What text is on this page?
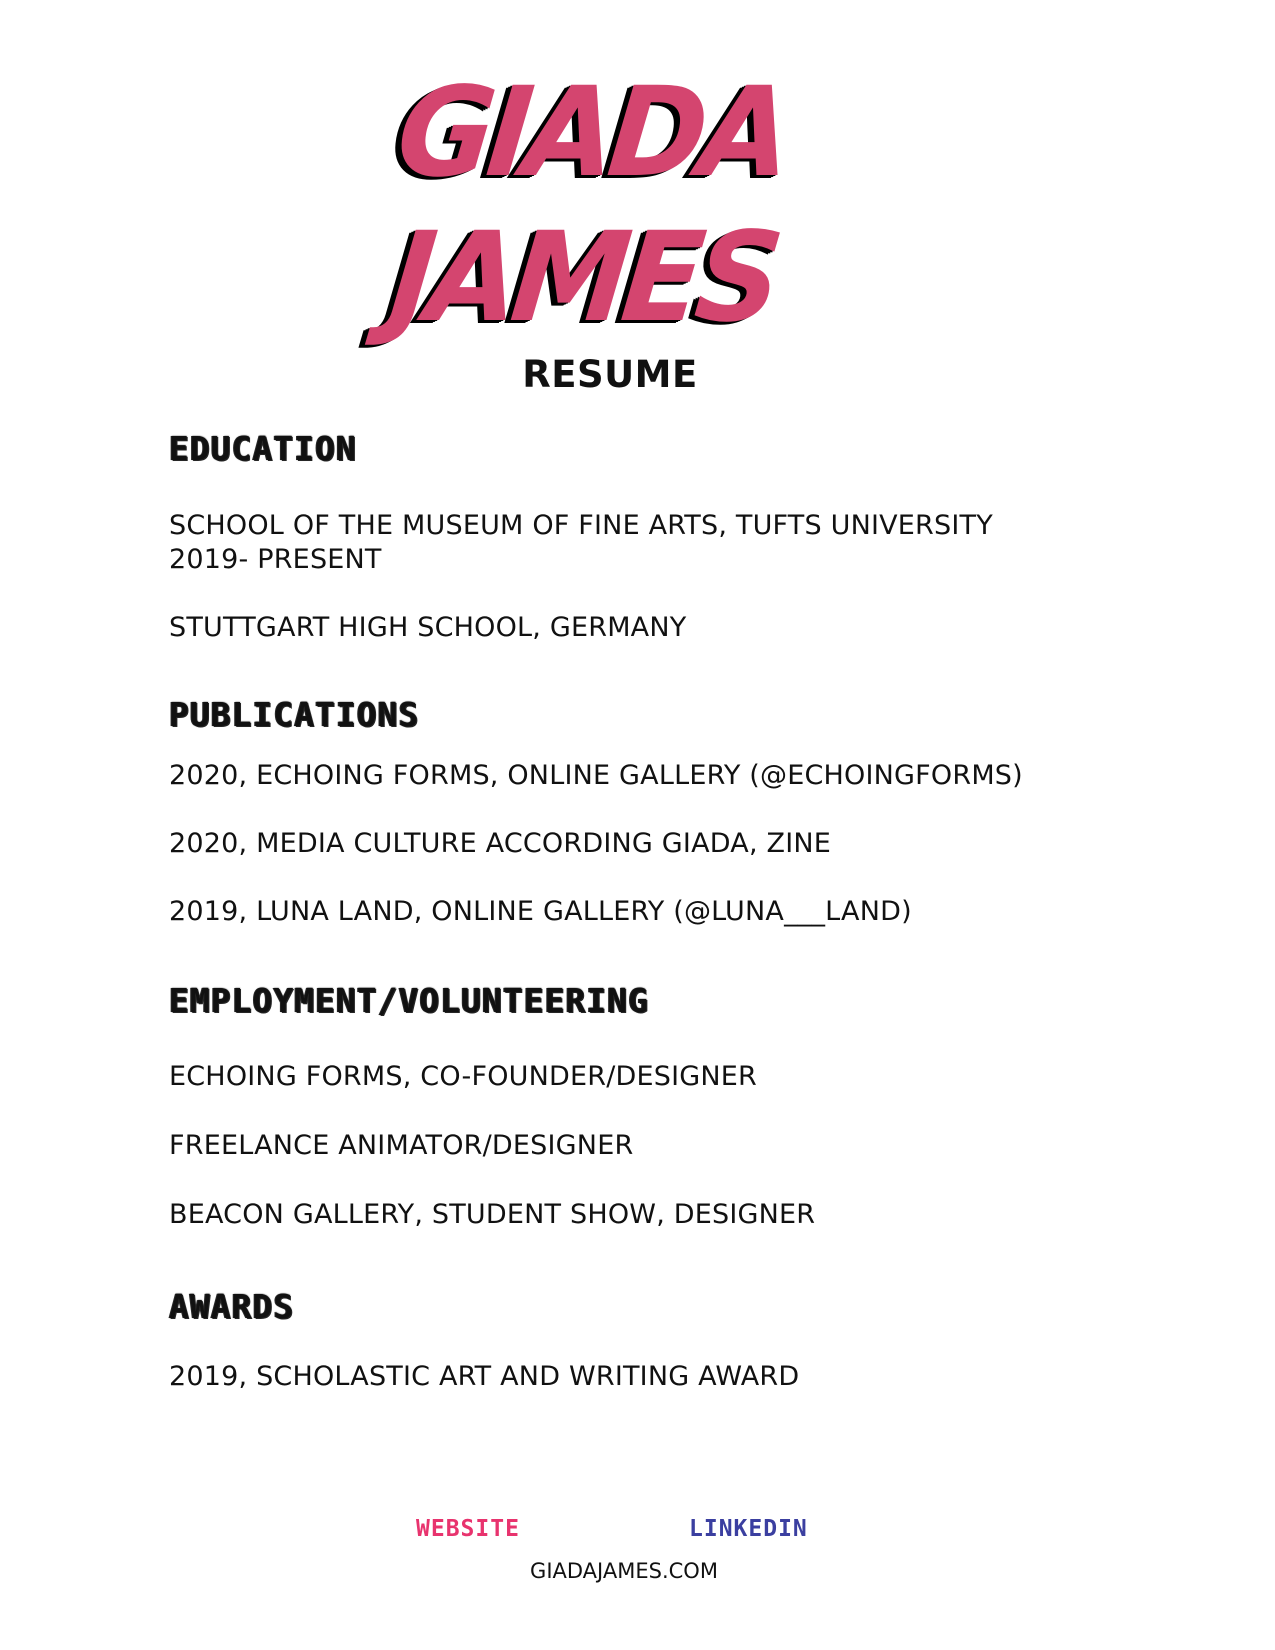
GIADA
JAMES
RESUME
EDUCATION
SCHOOL OF THE MUSEUM OF FINE ARTS, TUFTS UNIVERSITY
2019- PRESENT
STUTTGART HIGH SCHOOL, GERMANY
PUBLICATIONS
2020, ECHOING FORMS, ONLINE GALLERY (@ECHOINGFORMS)
2020, MEDIA CULTURE ACCORDING GIADA, ZINE
2019, LUNA LAND, ONLINE GALLERY (@LUNA___LAND)
EMPLOYMENT/VOLUNTEERING
ECHOING FORMS, CO-FOUNDER/DESIGNER
FREELANCE ANIMATOR/DESIGNER
BEACON GALLERY, STUDENT SHOW, DESIGNER
AWARDS
2019, SCHOLASTIC ART AND WRITING AWARD
WEBSITE	LINKEDIN
GIADAJAMES.COM
